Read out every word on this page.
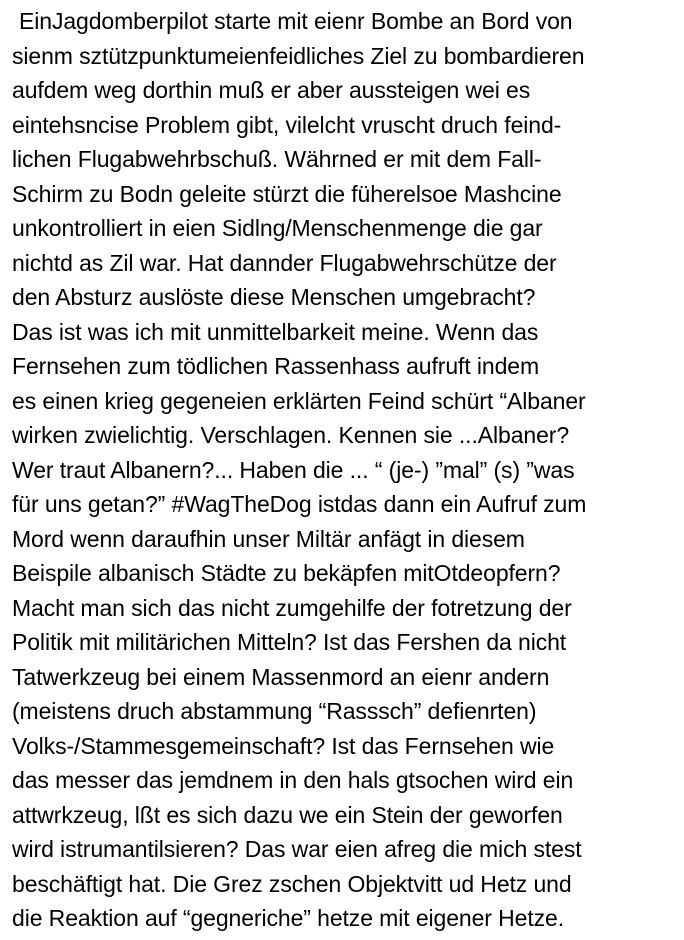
EinJagdomberpilot starte mit eienr Bombe an Bord von
sienm sztützpunktumeienfeidliches Ziel zu bombardieren
aufdem weg dorthin muß er aber aussteigen wei es
eintehsncise Problem gibt, vilelcht vruscht druch feind-
lichen Flugabwehrbschuß. Währned er mit dem Fall-
Schirm zu Bodn geleite stürzt die füherelsoe Mashcine
unkontrolliert in eien Sidlng/Menschenmenge die gar
nichtd as Zil war. Hat dannder Flugabwehrschütze der
den Absturz auslöste diese Menschen umgebracht?
Das ist was ich mit unmittelbarkeit meine. Wenn das
Fernsehen zum tödlichen Rassenhass aufruft indem
es einen krieg gegeneien erklärten Feind schürt “Albaner
wirken zwielichtig. Verschlagen. Kennen sie ...Albaner?
Wer traut Albanern?... Haben die ... “ (je-) ”mal” (s) ”was
für uns getan?” #WagTheDog istdas dann ein Aufruf zum
Mord wenn daraufhin unser Miltär anfägt in diesem
Beispile albanisch Städte zu bekäpfen mitOtdeopfern?
Macht man sich das nicht zumgehilfe der fotretzung der
Politik mit militärichen Mitteln? Ist das Fershen da nicht
Tatwerkzeug bei einem Massenmord an eienr andern
(meistens druch abstammung “Rasssch” defienrten)
Volks-/Stammesgemeinschaft? Ist das Fernsehen wie
das messer das jemdnem in den hals gtsochen wird ein
attwrkzeug, lßt es sich dazu we ein Stein der geworfen
wird istrumantilsieren? Das war eien afreg die mich stest
beschäftigt hat. Die Grez zschen Objektvitt ud Hetz und
die Reaktion auf “gegneriche” hetze mit eigener Hetze.
